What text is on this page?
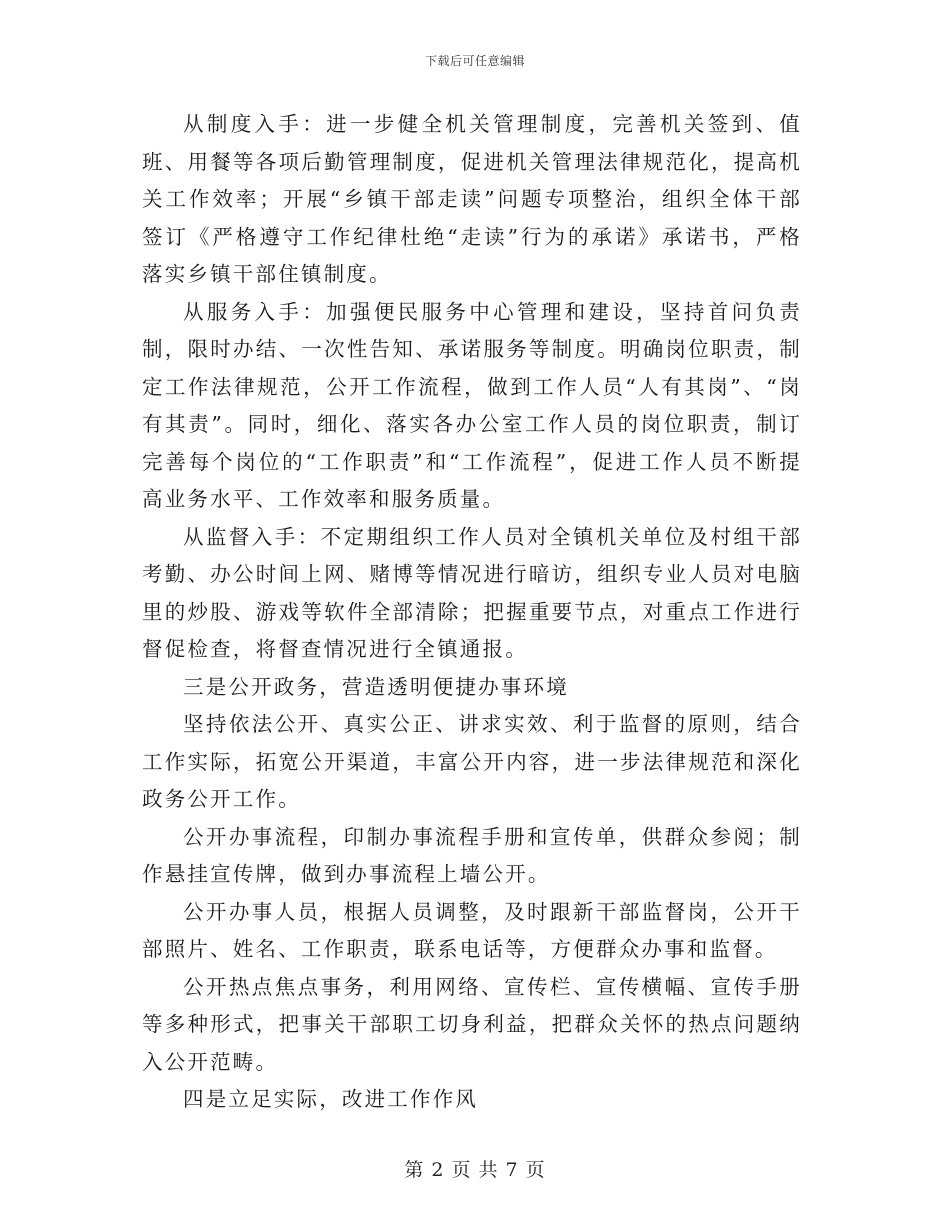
下载后可任意编辑

从制度入手：进一步健全机关管理制度，完善机关签到、值班、用餐等各项后勤管理制度，促进机关管理法律规范化，提高机关工作效率；开展“乡镇干部走读”问题专项整治，组织全体干部签订《严格遵守工作纪律杜绝“走读”行为的承诺》承诺书，严格落实乡镇干部住镇制度。

从服务入手：加强便民服务中心管理和建设，坚持首问负责制，限时办结、一次性告知、承诺服务等制度。明确岗位职责，制定工作法律规范，公开工作流程，做到工作人员“人有其岗”、“岗有其责”。同时，细化、落实各办公室工作人员的岗位职责，制订完善每个岗位的“工作职责”和“工作流程”，促进工作人员不断提高业务水平、工作效率和服务质量。

从监督入手：不定期组织工作人员对全镇机关单位及村组干部考勤、办公时间上网、赌博等情况进行暗访，组织专业人员对电脑里的炒股、游戏等软件全部清除；把握重要节点，对重点工作进行督促检查，将督查情况进行全镇通报。

三是公开政务，营造透明便捷办事环境

坚持依法公开、真实公正、讲求实效、利于监督的原则，结合工作实际，拓宽公开渠道，丰富公开内容，进一步法律规范和深化政务公开工作。

公开办事流程，印制办事流程手册和宣传单，供群众参阅；制作悬挂宣传牌，做到办事流程上墙公开。

公开办事人员，根据人员调整，及时跟新干部监督岗，公开干部照片、姓名、工作职责，联系电话等，方便群众办事和监督。

公开热点焦点事务，利用网络、宣传栏、宣传横幅、宣传手册等多种形式，把事关干部职工切身利益，把群众关怀的热点问题纳入公开范畴。

四是立足实际，改进工作作风

第 2 页 共 7 页
